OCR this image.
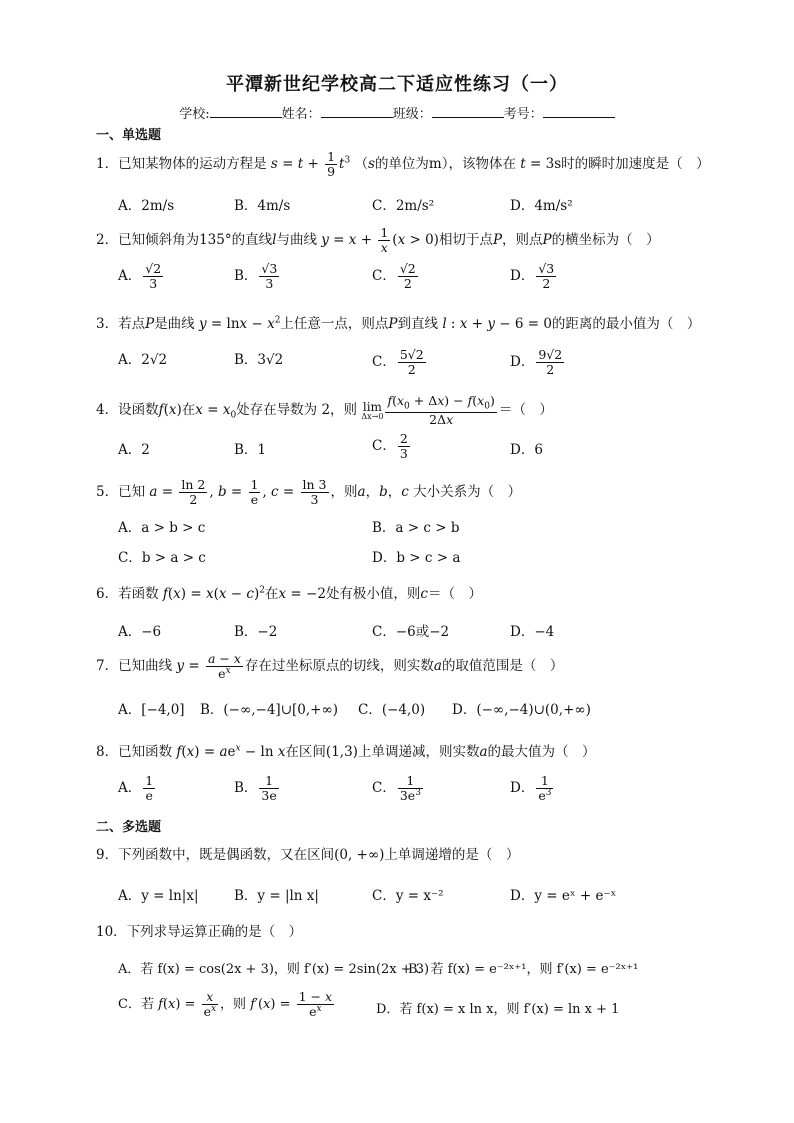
平潭新世纪学校高二下适应性练习（一）
学校:	姓名：	班级：	考号：
一、单选题
1．已知某物体的运动方程是 $s = t + \frac{1}{9} t^3$ （s的单位为m），该物体在 t = 3s时的瞬时加速度是（　）
A．2m/s	B．4m/s	C．2m/s²	D．4m/s²
2．已知倾斜角为135°的直线l与曲线 $y = x + \frac{1}{x} (x > 0)$相切于点P，则点P的横坐标为（　）
A． $\frac{√2}{3}$	B． $\frac{√3}{3}$	C． $\frac{√2}{2}$	D． $\frac{√3}{2}$
3．若点P是曲线 $y = \ln x - x^2$上任意一点，则点P到直线 l : x + y − 6 = 0的距离的最小值为（　）
A．2√2	B．3√2	C． $\frac{5√2}{2}$	D． $\frac{9√2}{2}$
4．设函数f(x)在$x = x_0$处存在导数为 2，则 lim
$\Delta x\to 0 \frac{f(x_0 + \Delta x) - f(x_0)}{2\Delta x}$ ＝（　）
A．2	B．1	C． $\frac{2}{3}$	D．6
5．已知 $a = \frac{\ln 2}{2}$ , $b = \frac{1}{e}$ , $c = \frac{\ln 3}{3}$ ，则a，b，c 大小关系为（　）
A．a > b > c	B．a > c > b
C．b > a > c	D．b > c > a
6．若函数 $f(x) = x(x - c)^2$在x = −2处有极小值，则c＝（　）
A．−6	B．−2	C．−6或−2	D．−4
7．已知曲线 $y = \frac{a - x}{e^x}$ 存在过坐标原点的切线，则实数a的取值范围是（　）
A．[−4,0] B．(−∞,−4]∪[0,+∞) C．(−4,0) D．(−∞,−4)∪(0,+∞)
8．已知函数 $f(x) = ae^x - \ln x$在区间(1,3)上单调递减，则实数a的最大值为（　）
A． $\frac{1}{e}$	B． $\frac{1}{3e}$	C． $\frac{1}{3e^3}$	D． $\frac{1}{e^3}$
二、多选题
9．下列函数中，既是偶函数，又在区间(0, +∞)上单调递增的是（　）
A．y = ln|x|	B．y = |ln x|	C．y = x⁻²	D．y = eˣ + e⁻ˣ
10．下列求导运算正确的是（　）
A．若 f(x) = cos(2x + 3)，则 f′(x) = 2sin(2x + 3)
B．若 f(x) = e⁻²ˣ⁺¹，则 f′(x) = e⁻²ˣ⁺¹
C．若 $f(x) = \frac{x}{e^x}$ ，则 $f'(x) = \frac{1 - x}{e^x}$	D．若 f(x) = x ln x，则 f′(x) = ln x + 1
